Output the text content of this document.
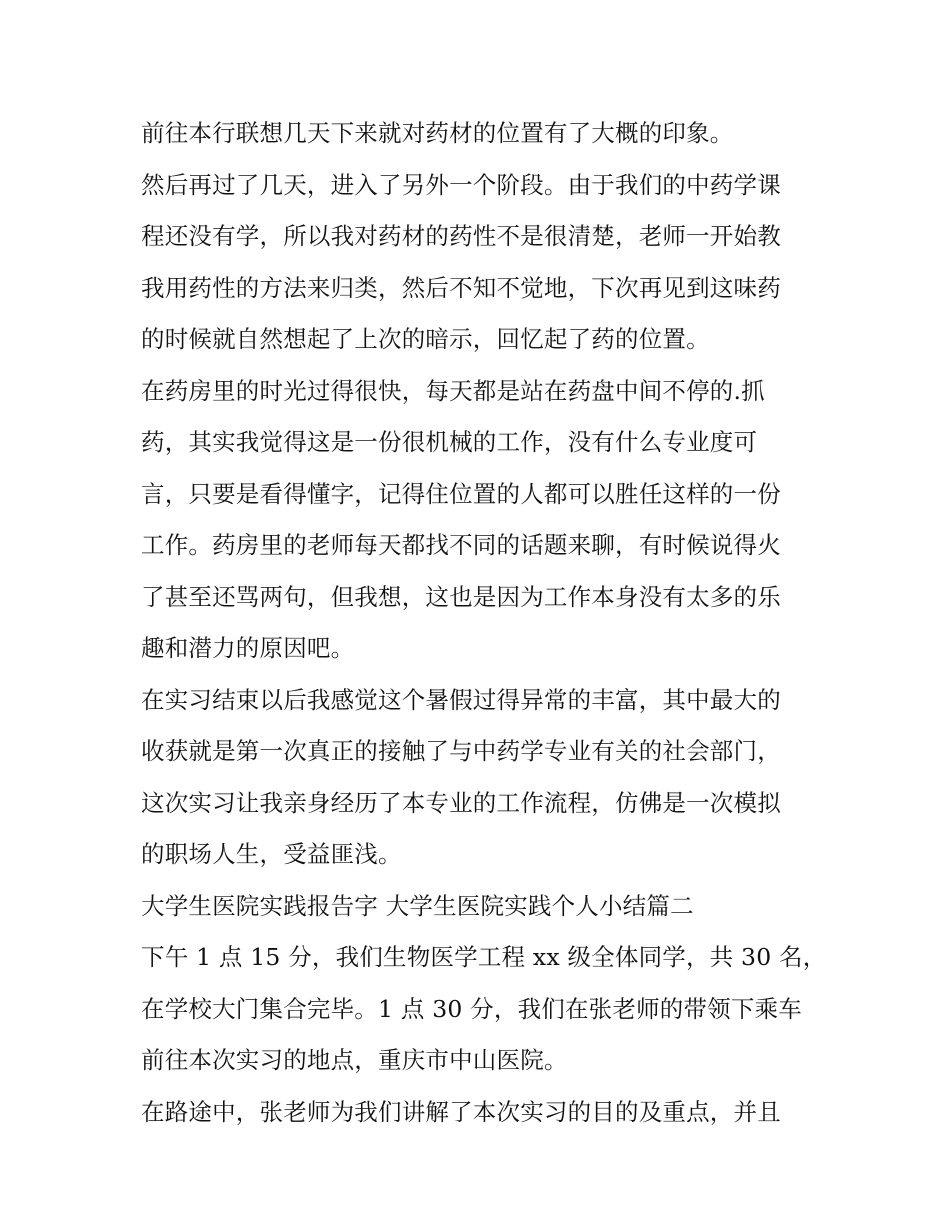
前往本行联想几天下来就对药材的位置有了大概的印象。
然后再过了几天，进入了另外一个阶段。由于我们的中药学课
程还没有学，所以我对药材的药性不是很清楚，老师一开始教
我用药性的方法来归类，然后不知不觉地，下次再见到这味药
的时候就自然想起了上次的暗示，回忆起了药的位置。
在药房里的时光过得很快，每天都是站在药盘中间不停的.抓
药，其实我觉得这是一份很机械的工作，没有什么专业度可
言，只要是看得懂字，记得住位置的人都可以胜任这样的一份
工作。药房里的老师每天都找不同的话题来聊，有时候说得火
了甚至还骂两句，但我想，这也是因为工作本身没有太多的乐
趣和潜力的原因吧。
在实习结束以后我感觉这个暑假过得异常的丰富，其中最大的
收获就是第一次真正的接触了与中药学专业有关的社会部门，
这次实习让我亲身经历了本专业的工作流程，仿佛是一次模拟
的职场人生，受益匪浅。
大学生医院实践报告字 大学生医院实践个人小结篇二
下午 1 点 15 分，我们生物医学工程 xx 级全体同学，共 30 名，
在学校大门集合完毕。1 点 30 分，我们在张老师的带领下乘车
前往本次实习的地点，重庆市中山医院。
在路途中，张老师为我们讲解了本次实习的目的及重点，并且
